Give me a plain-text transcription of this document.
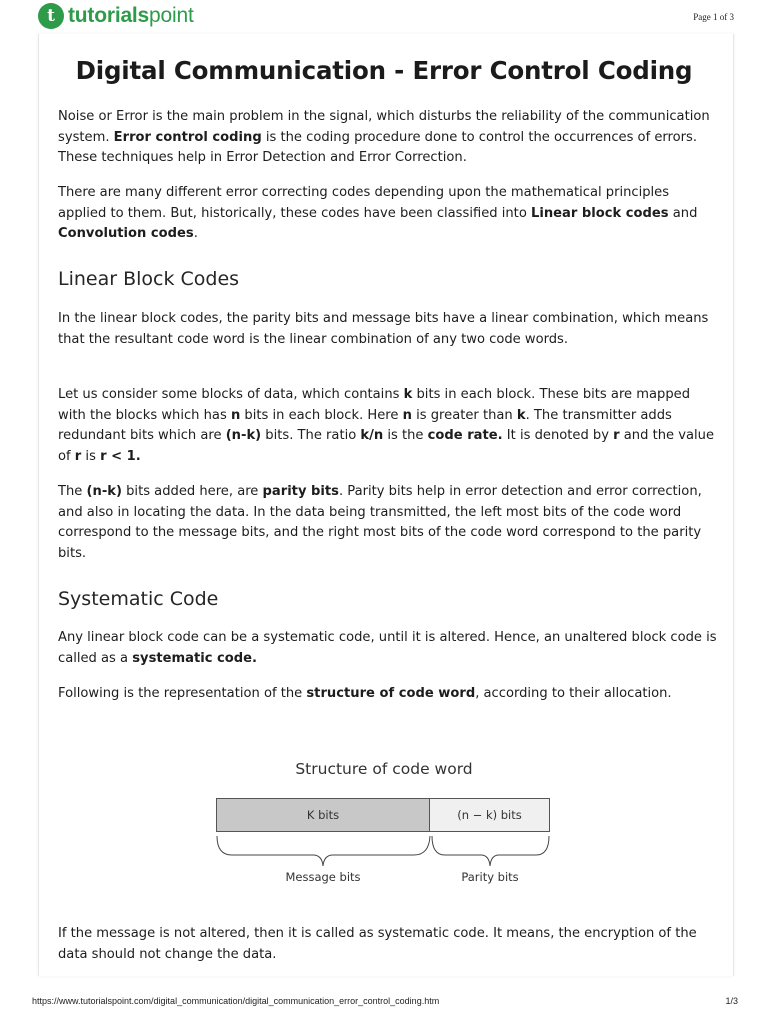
t tutorialspoint	Page 1 of 3
Digital Communication - Error Control Coding
Noise or Error is the main problem in the signal, which disturbs the reliability of the communication system. Error control coding is the coding procedure done to control the occurrences of errors. These techniques help in Error Detection and Error Correction.
There are many different error correcting codes depending upon the mathematical principles applied to them. But, historically, these codes have been classified into Linear block codes and Convolution codes.
Linear Block Codes
In the linear block codes, the parity bits and message bits have a linear combination, which means that the resultant code word is the linear combination of any two code words.
Let us consider some blocks of data, which contains k bits in each block. These bits are mapped with the blocks which has n bits in each block. Here n is greater than k. The transmitter adds redundant bits which are (n-k) bits. The ratio k/n is the code rate. It is denoted by r and the value of r is r < 1.
The (n-k) bits added here, are parity bits. Parity bits help in error detection and error correction, and also in locating the data. In the data being transmitted, the left most bits of the code word correspond to the message bits, and the right most bits of the code word correspond to the parity bits.
Systematic Code
Any linear block code can be a systematic code, until it is altered. Hence, an unaltered block code is called as a systematic code.
Following is the representation of the structure of code word, according to their allocation.
Structure of code word
K bits	(n − k) bits
Message bits	Parity bits
If the message is not altered, then it is called as systematic code. It means, the encryption of the data should not change the data.
https://www.tutorialspoint.com/digital_communication/digital_communication_error_control_coding.htm	1/3
